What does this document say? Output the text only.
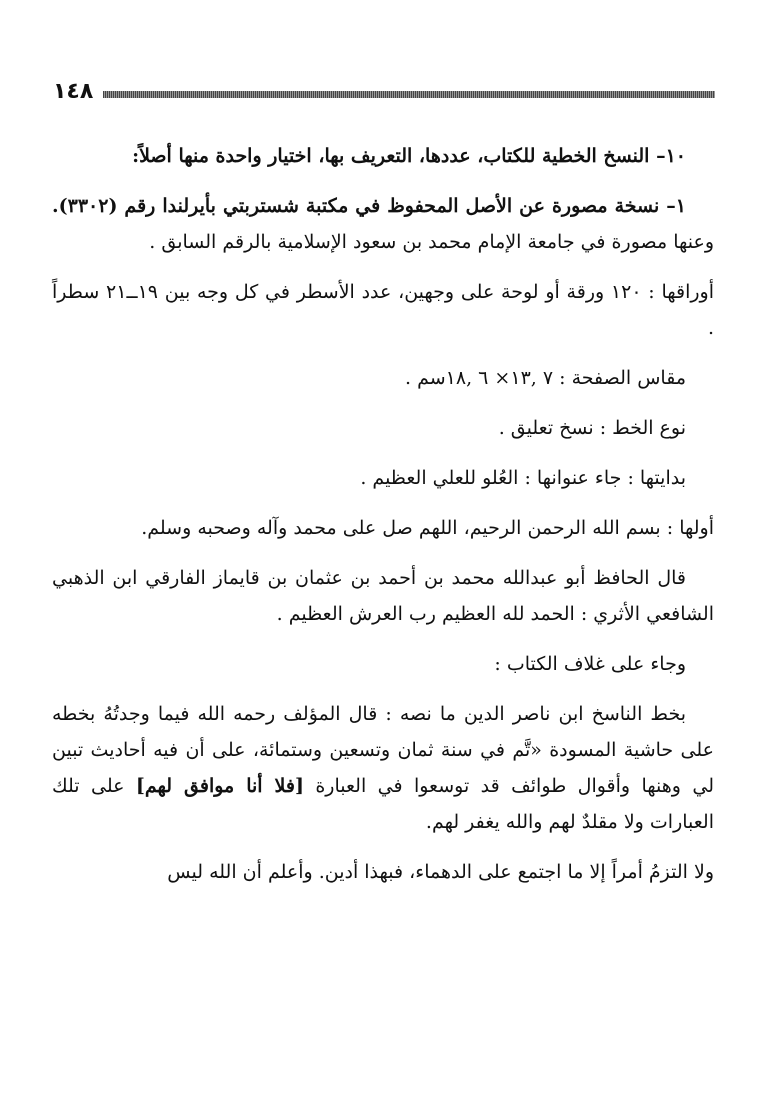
١٤٨

١٠– النسخ الخطية للكتاب، عددها، التعريف بها، اختيار واحدة منها أصلاً:

١– نسخة مصورة عن الأصل المحفوظ في مكتبة شستربتي بأيرلندا رقم (٣٣٠٢). وعنها مصورة في جامعة الإمام محمد بن سعود الإسلامية بالرقم السابق .

أوراقها : ١٢٠ ورقة أو لوحة على وجهين، عدد الأسطر في كل وجه بين ١٩ــ٢١ سطراً .

مقاس الصفحة : ٧ ,١٣× ٦ ,١٨سم .

نوع الخط : نسخ تعليق .

بدايتها : جاء عنوانها : العُلو للعلي العظيم .

أولها : بسم الله الرحمن الرحيم، اللهم صل على محمد وآله وصحبه وسلم.

قال الحافظ أبو عبدالله محمد بن أحمد بن عثمان بن قايماز الفارقي ابن الذهبي الشافعي الأثري : الحمد لله العظيم رب العرش العظيم .

وجاء على غلاف الكتاب :

بخط الناسخ ابن ناصر الدين ما نصه : قال المؤلف رحمه الله فيما وجدتُهُ بخطه على حاشية المسودة «تَّم في سنة ثمان وتسعين وستمائة، على أن فيه أحاديث تبين لي وهنها وأقوال طوائف قد توسعوا في العبارة [فلا أنا موافق لهم] على تلك العبارات ولا مقلدٌ لهم والله يغفر لهم.

ولا التزمُ أمراً إلا ما اجتمع على الدهماء، فبهذا أدين. وأعلم أن الله ليس
